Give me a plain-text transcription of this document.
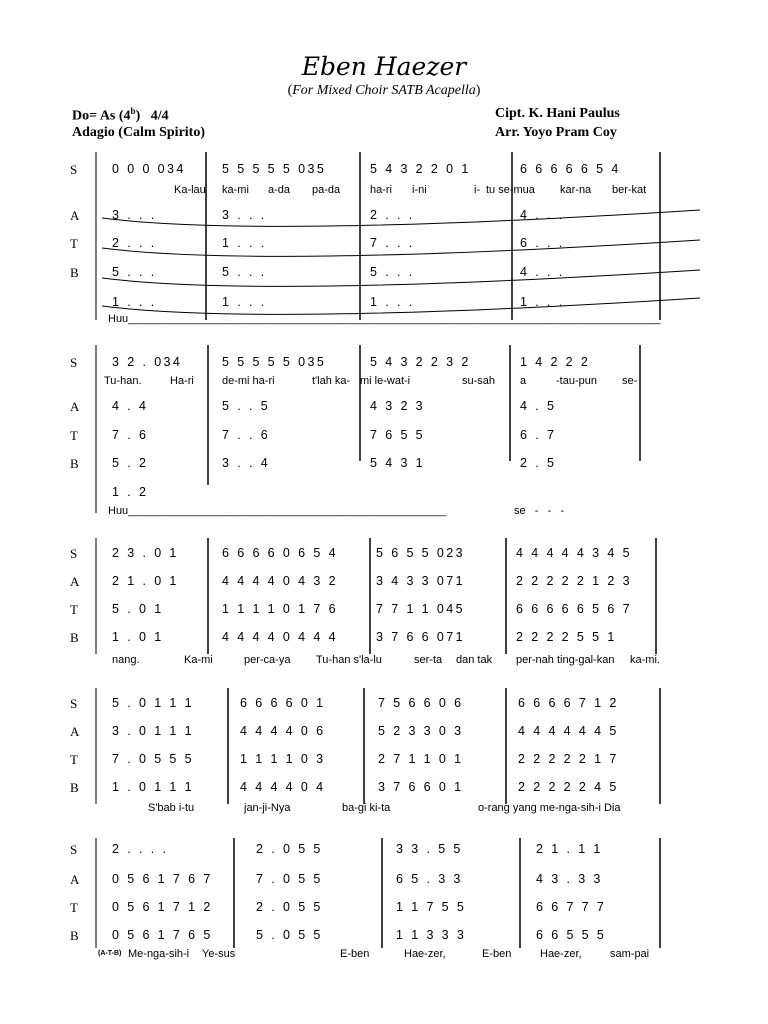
Eben Haezer
(For Mixed Choir SATB Acapella)
Do= As (4$^b$) 4/4
Adagio (Calm Spirito)
Cipt. K. Hani Paulus
Arr. Yoyo Pram Coy
S	0 0 0 034	5 5 5 5 5 035	5 4 3 2 2 0 1	6 6 6 6 6 5 4
Ka-lau ka-mi a-da pa-da	ha-ri i-ni	i- tu se-mua kar-na ber-kat
A	3 . . .	3 . . .	2 . . .	4 . . .
T	2 . . .	1 . . .	7 . . .	6 . . .
B	5 . . .	5 . . .	5 . . .	4 . . .
1 . . .	1 . . .	1 . . .	1 . . .
Huu_______________________________________________________________________________________
S	3 2 . 034	5 5 5 5 5 035	5 4 3 2 2 3 2	1 4 2 2 2
Tu-han.	Ha-ri	de-mi ha-ri	t'lah ka- mi le-wat-i	su-sah a	-tau-pun se-
A	4 . 4	5 . . 5	4 3 2 3	4 . 5
T	7 . 6	7 . . 6	7 6 5 5	6 . 7
B	5 . 2	3 . . 4	5 4 3 1	2 . 5
1 . 2
Huu____________________________________________________	se   -   -   -
S	2 3 . 0 1	6 6 6 6 0 6 5 4	5 6 5 5 023	4 4 4 4 4 3 4 5
A	2 1 . 0 1	4 4 4 4 0 4 3 2	3 4 3 3 071	2 2 2 2 2 1 2 3
T	5 . 0 1	1 1 1 1 0 1 7 6	7 7 1 1 045	6 6 6 6 6 5 6 7
B	1 . 0 1	4 4 4 4 0 4 4 4	3 7 6 6 071	2 2 2 2 5 5 1
nang.	Ka-mi	per-ca-ya Tu-han s'la-lu	ser-ta dan tak per-nah ting-gal-kan ka-mi.
S	5 . 0 1 1 1	6 6 6 6 0 1	7 5 6 6 0 6	6 6 6 6 7 1 2
A	3 . 0 1 1 1	4 4 4 4 0 6	5 2 3 3 0 3	4 4 4 4 4 4 5
T	7 . 0 5 5 5	1 1 1 1 0 3	2 7 1 1 0 1	2 2 2 2 2 1 7
B	1 . 0 1 1 1	4 4 4 4 0 4	3 7 6 6 0 1	2 2 2 2 2 4 5
S'bab i-tu	jan-ji-Nya	ba-gi ki-ta	o-rang yang me-nga-sih-i Dia
S	2 . . . .	2 . 0 5 5	3 3 . 5 5	2 1 . 1 1
A	0 5 6 1 7 6 7	7 . 0 5 5	6 5 . 3 3	4 3 . 3 3
T	0 5 6 1 7 1 2	2 . 0 5 5	1 1 7 5 5	6 6 7 7 7
B	0 5 6 1 7 6 5	5 . 0 5 5	1 1 3 3 3	6 6 5 5 5
(A-T-B) Me-nga-sih-i Ye-sus	E-ben	Hae-zer,	E-ben	Hae-zer,	sam-pai
